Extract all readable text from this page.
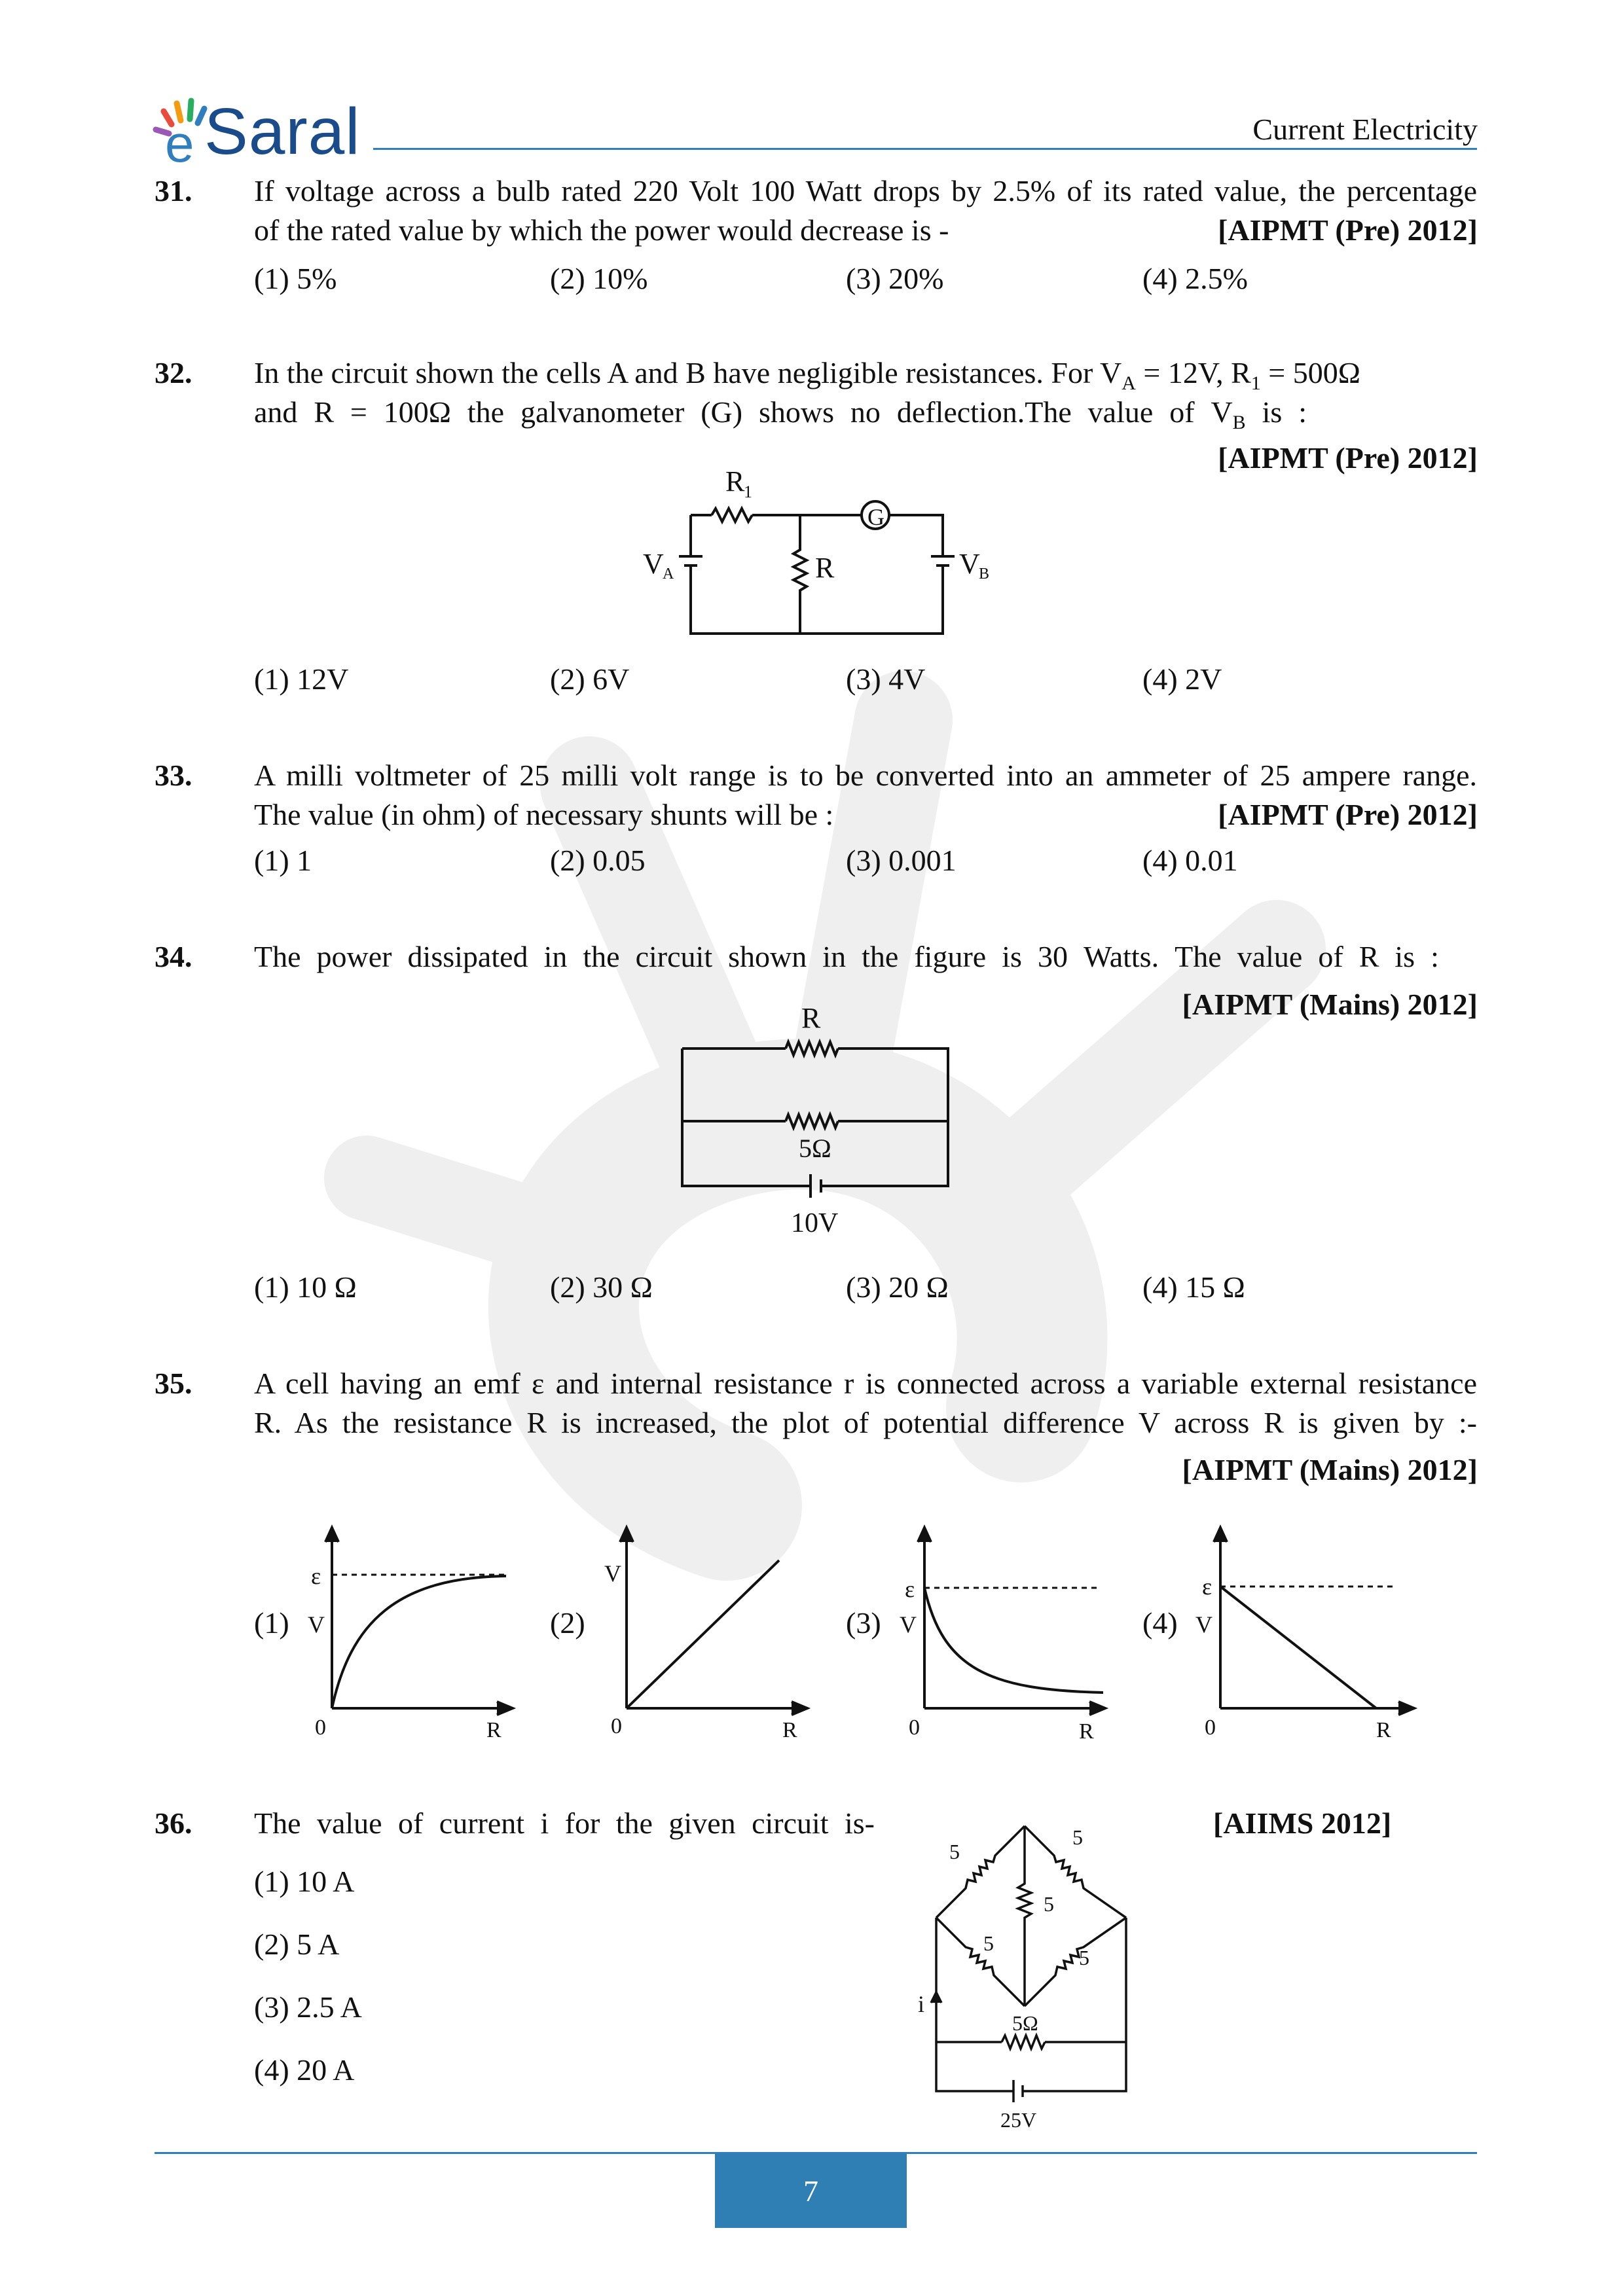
e Saral	Current Electricity
31. If voltage across a bulb rated 220 Volt 100 Watt drops by 2.5% of its rated value, the percentage
of the rated value by which the power would decrease is -	[AIPMT (Pre) 2012]
(1) 5%	(2) 10%	(3) 20%	(4) 2.5%
32. In the circuit shown the cells A and B have negligible resistances. For $V_A = 12V$, $R_1 = 500\Omega$
and R = 100Ω the galvanometer (G) shows no deflection.The value of $V_B$ is :
[AIPMT (Pre) 2012]
R
1
G
V
A	R	V
B
(1) 12V	(2) 6V	(3) 4V	(4) 2V
33. A milli voltmeter of 25 milli volt range is to be converted into an ammeter of 25 ampere range.
The value (in ohm) of necessary shunts will be :	[AIPMT (Pre) 2012]
(1) 1	(2) 0.05	(3) 0.001	(4) 0.01
34. The power dissipated in the circuit shown in the figure is 30 Watts. The value of R is :
[AIPMT (Mains) 2012]
R
5Ω
10V
(1) 10 Ω	(2) 30 Ω	(3) 20 Ω	(4) 15 Ω
35. A cell having an emf ε and internal resistance r is connected across a variable external resistance
R. As the resistance R is increased, the plot of potential difference V across R is given by :-
[AIPMT (Mains) 2012]
(1)	(2)	(3)	(4)
ε
V
0	R
V
0	R
ε
V
0	R
ε
V
0	R
36. The value of current i for the given circuit is-	[AIIMS 2012]
(1) 10 A
(2) 5 A
(3) 2.5 A
(4) 20 A
5
5
5
5
5
i
5Ω
25V
7
